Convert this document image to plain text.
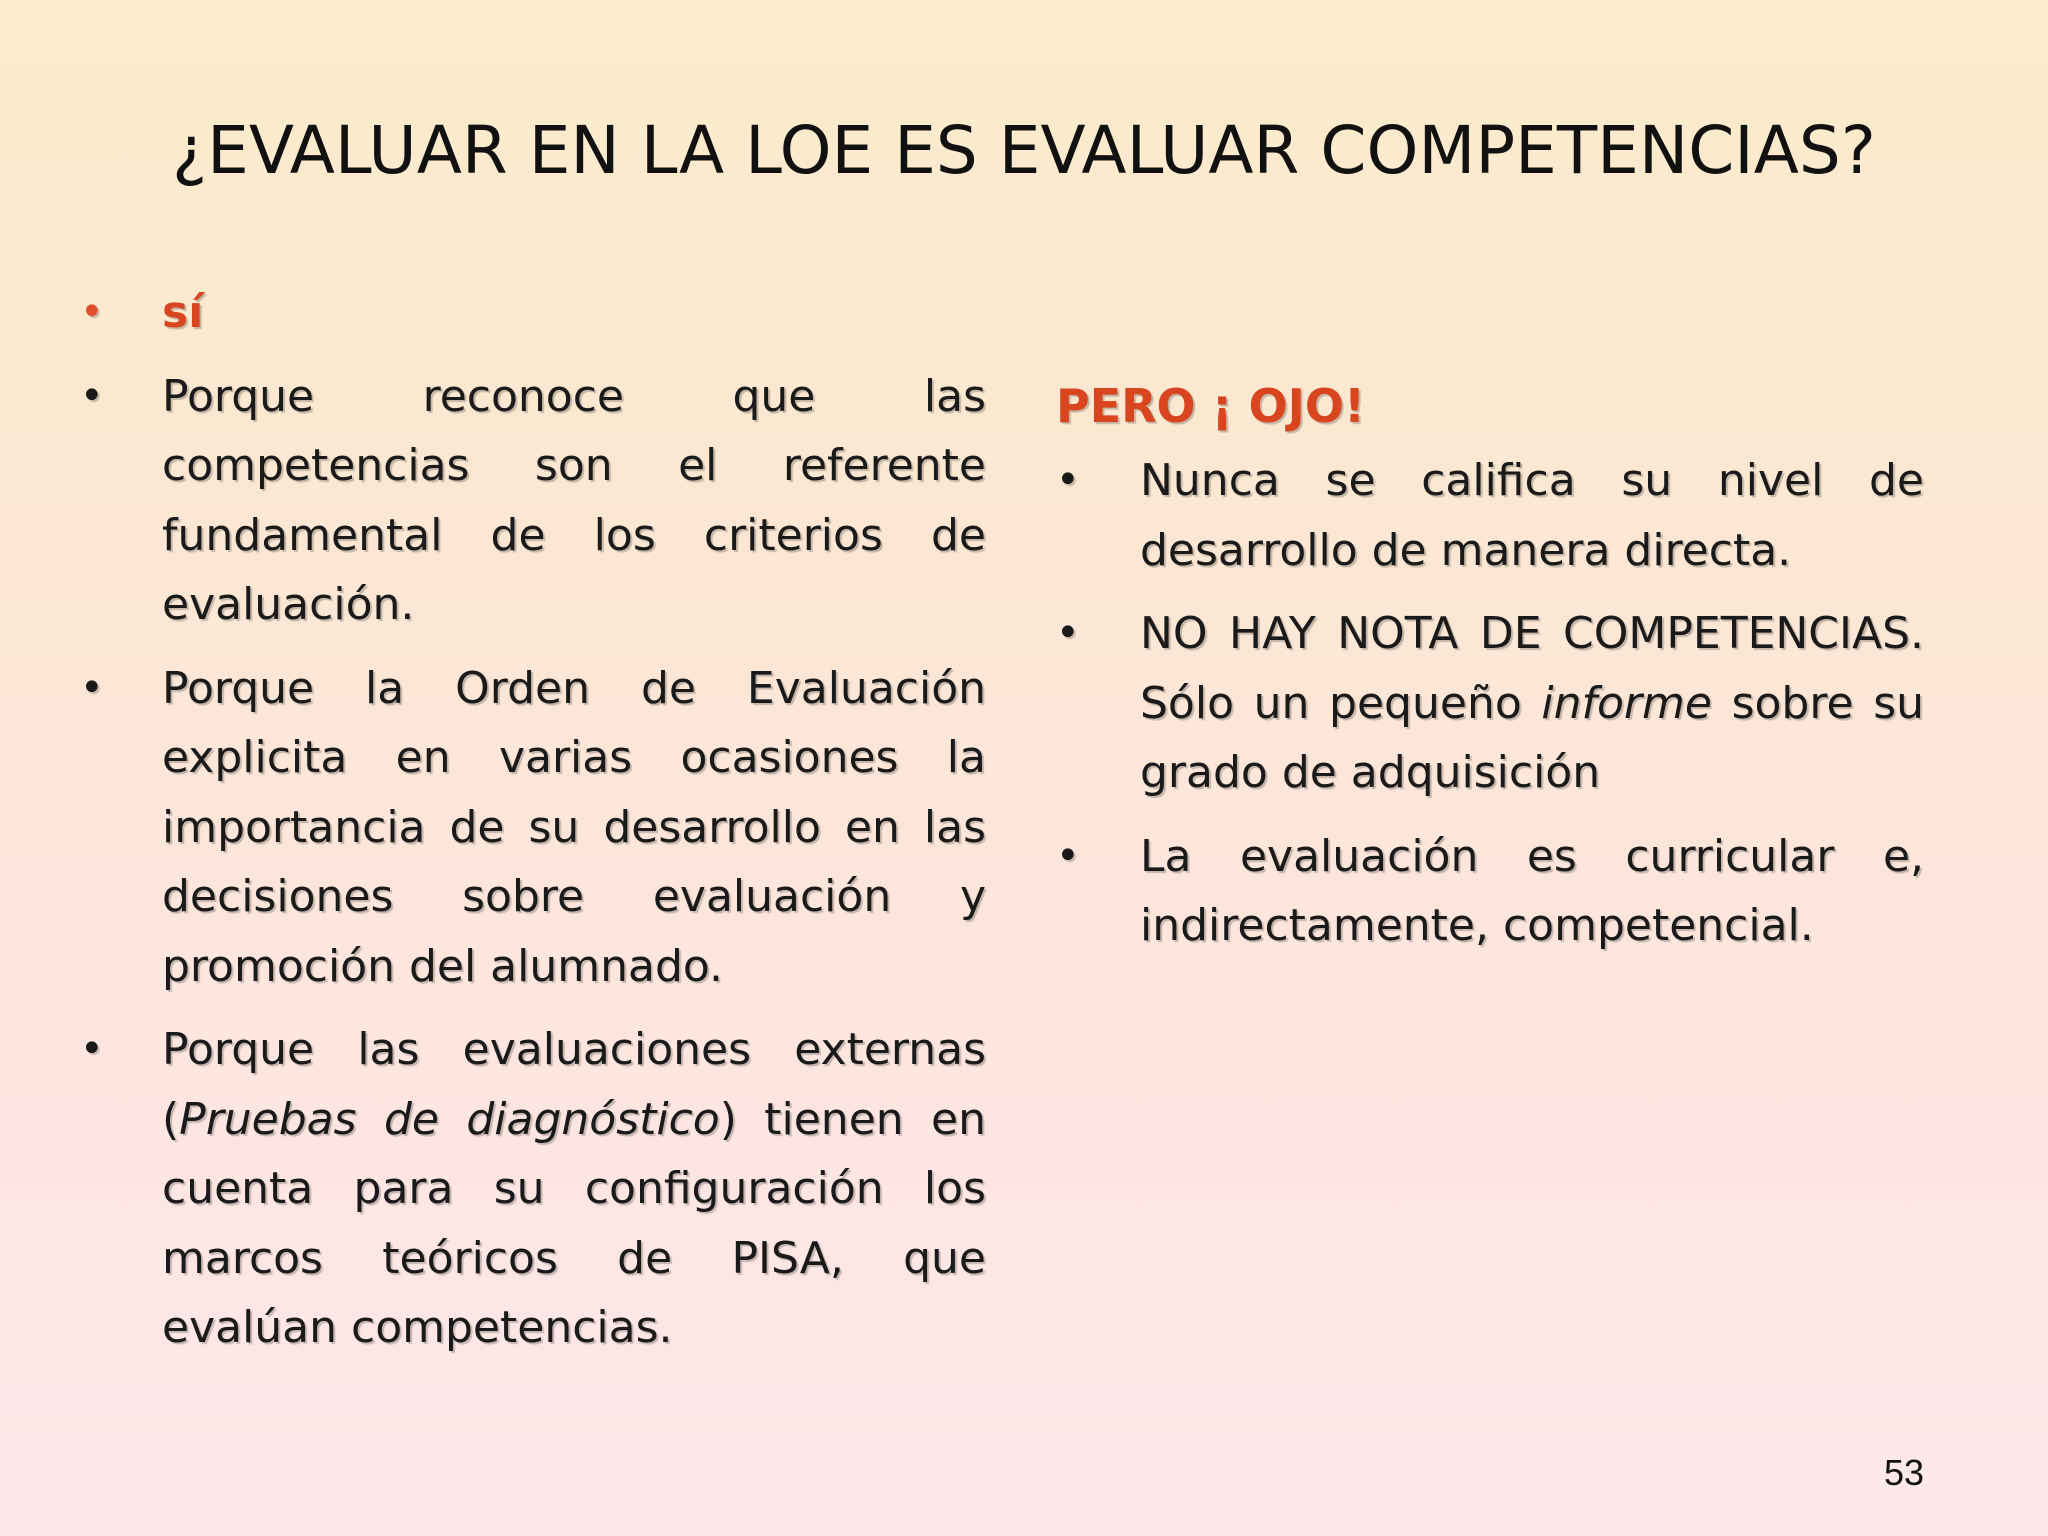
¿EVALUAR EN LA LOE ES EVALUAR COMPETENCIAS?
• sí
• Porque reconoce que las competencias son el referente fundamental de los criterios de evaluación.
• Porque la Orden de Evaluación explicita en varias ocasiones la importancia de su desarrollo en las decisiones sobre evaluación y promoción del alumnado.
• Porque las evaluaciones externas (Pruebas de diagnóstico) tienen en cuenta para su configuración los marcos teóricos de PISA, que evalúan competencias.

PERO ¡ OJO!

• Nunca se califica su nivel de desarrollo de manera directa.
• NO HAY NOTA DE COMPETENCIAS. Sólo un pequeño informe sobre su grado de adquisición
• La evaluación es curricular e, indirectamente, competencial.
53
